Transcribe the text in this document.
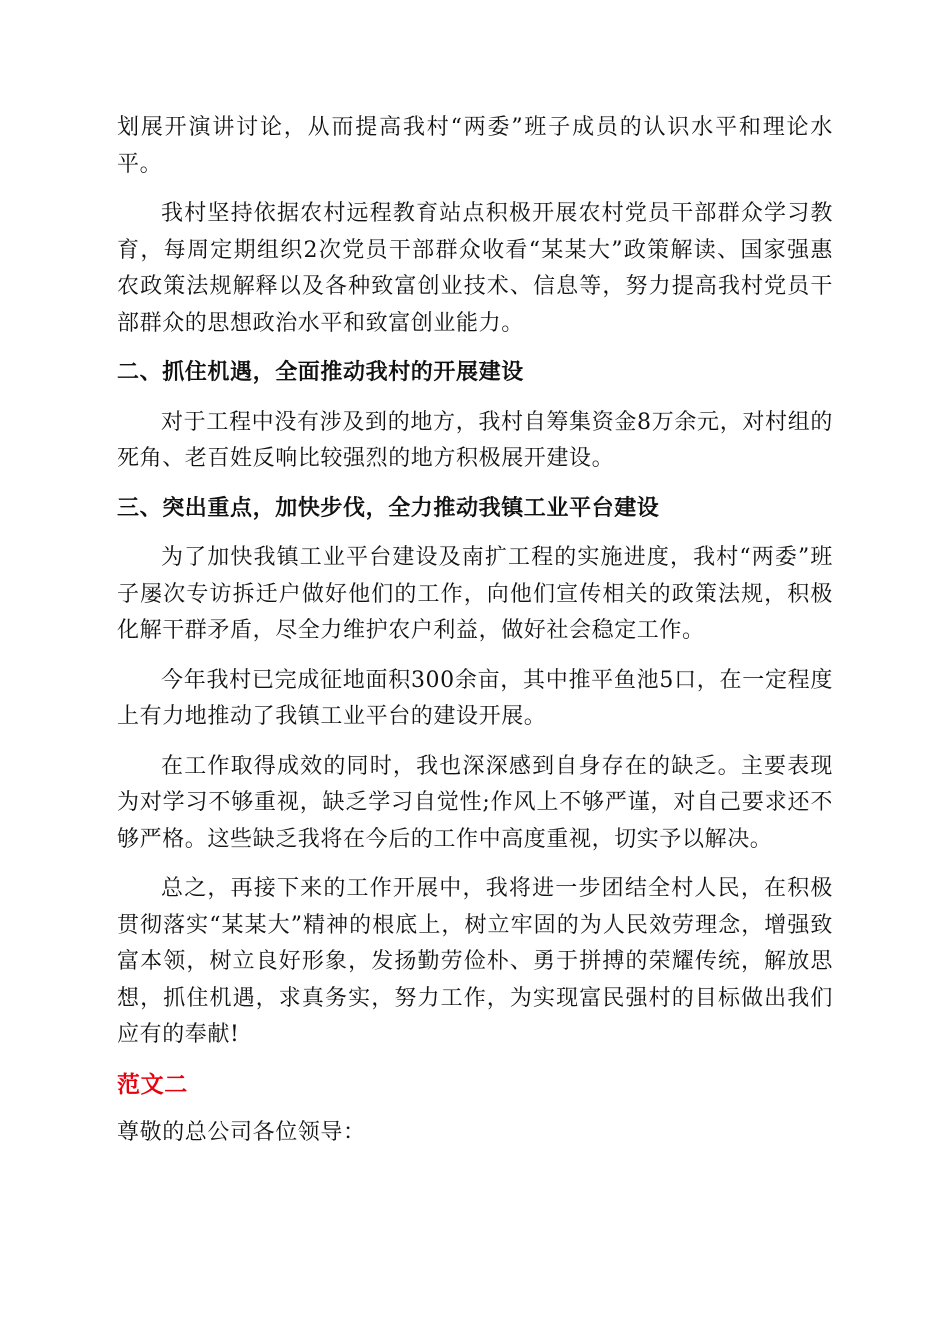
划展开演讲讨论，从而提高我村“两委”班子成员的认识水平和理论水平。

我村坚持依据农村远程教育站点积极开展农村党员干部群众学习教育，每周定期组织2次党员干部群众收看“某某大”政策解读、国家强惠农政策法规解释以及各种致富创业技术、信息等，努力提高我村党员干部群众的思想政治水平和致富创业能力。

二、抓住机遇，全面推动我村的开展建设

对于工程中没有涉及到的地方，我村自筹集资金8万余元，对村组的死角、老百姓反响比较强烈的地方积极展开建设。

三、突出重点，加快步伐，全力推动我镇工业平台建设

为了加快我镇工业平台建设及南扩工程的实施进度，我村“两委”班子屡次专访拆迁户做好他们的工作，向他们宣传相关的政策法规，积极化解干群矛盾，尽全力维护农户利益，做好社会稳定工作。

今年我村已完成征地面积300余亩，其中推平鱼池5口，在一定程度上有力地推动了我镇工业平台的建设开展。

在工作取得成效的同时，我也深深感到自身存在的缺乏。主要表现为对学习不够重视，缺乏学习自觉性;作风上不够严谨，对自己要求还不够严格。这些缺乏我将在今后的工作中高度重视，切实予以解决。

总之，再接下来的工作开展中，我将进一步团结全村人民，在积极贯彻落实“某某大”精神的根底上，树立牢固的为人民效劳理念，增强致富本领，树立良好形象，发扬勤劳俭朴、勇于拼搏的荣耀传统，解放思想，抓住机遇，求真务实，努力工作，为实现富民强村的目标做出我们应有的奉献!

范文二

尊敬的总公司各位领导：
